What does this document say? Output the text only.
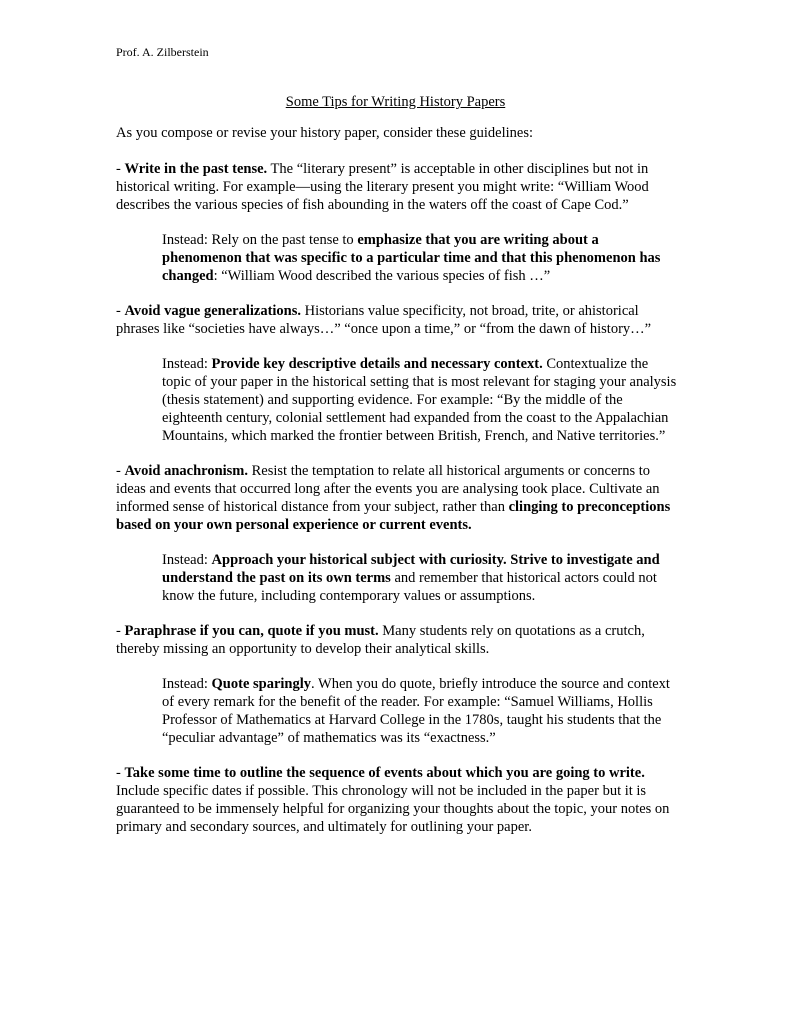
Prof. A. Zilberstein
Some Tips for Writing History Papers

As you compose or revise your history paper, consider these guidelines:

- Write in the past tense. The “literary present” is acceptable in other disciplines but not in historical writing. For example—using the literary present you might write: “William Wood describes the various species of fish abounding in the waters off the coast of Cape Cod.”

Instead: Rely on the past tense to emphasize that you are writing about a phenomenon that was specific to a particular time and that this phenomenon has changed: “William Wood described the various species of fish …”

- Avoid vague generalizations. Historians value specificity, not broad, trite, or ahistorical phrases like “societies have always…” “once upon a time,” or “from the dawn of history…”

Instead: Provide key descriptive details and necessary context. Contextualize the topic of your paper in the historical setting that is most relevant for staging your analysis (thesis statement) and supporting evidence. For example: “By the middle of the eighteenth century, colonial settlement had expanded from the coast to the Appalachian Mountains, which marked the frontier between British, French, and Native territories.”

- Avoid anachronism. Resist the temptation to relate all historical arguments or concerns to ideas and events that occurred long after the events you are analysing took place. Cultivate an informed sense of historical distance from your subject, rather than clinging to preconceptions based on your own personal experience or current events.

Instead: Approach your historical subject with curiosity. Strive to investigate and understand the past on its own terms and remember that historical actors could not know the future, including contemporary values or assumptions.

- Paraphrase if you can, quote if you must. Many students rely on quotations as a crutch, thereby missing an opportunity to develop their analytical skills.

Instead: Quote sparingly. When you do quote, briefly introduce the source and context of every remark for the benefit of the reader. For example: “Samuel Williams, Hollis Professor of Mathematics at Harvard College in the 1780s, taught his students that the “peculiar advantage” of mathematics was its “exactness.”

- Take some time to outline the sequence of events about which you are going to write. Include specific dates if possible. This chronology will not be included in the paper but it is guaranteed to be immensely helpful for organizing your thoughts about the topic, your notes on primary and secondary sources, and ultimately for outlining your paper.
